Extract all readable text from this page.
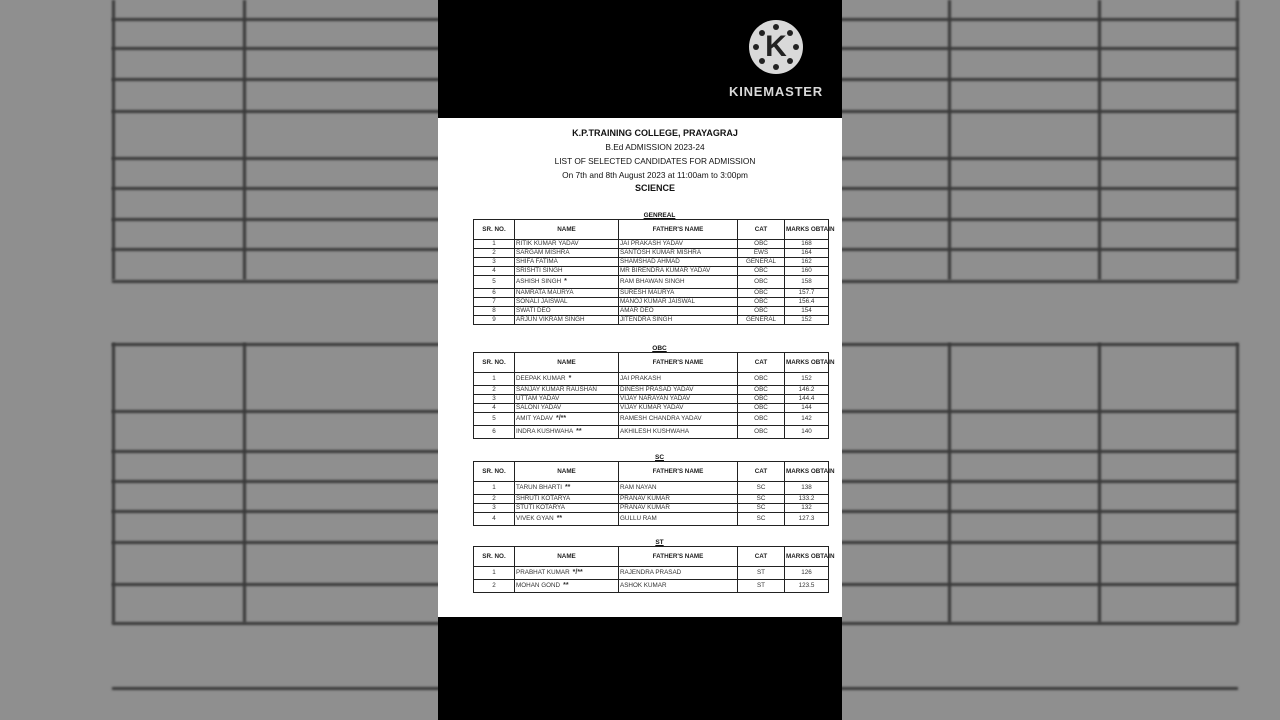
K
KINEMASTER
K.P.TRAINING COLLEGE, PRAYAGRAJ
B.Ed ADMISSION 2023-24
LIST OF SELECTED CANDIDATES FOR ADMISSION
On 7th and 8th August 2023 at 11:00am to 3:00pm
SCIENCE
GENREAL
SR. NO.	NAME	FATHER'S NAME	CAT	MARKS OBTAIN
1	RITIK KUMAR YADAV	JAI PRAKASH YADAV	OBC	168
2	SARGAM MISHRA	SANTOSH KUMAR MISHRA	EWS	164
3	SHIFA FATIMA	SHAMSHAD AHMAD	GENERAL	162
4	SRISHTI SINGH	MR BIRENDRA KUMAR YADAV	OBC	160
5	ASHISH SINGH *	RAM BHAWAN SINGH	OBC	158
6	NAMRATA MAURYA	SURESH MAURYA	OBC	157.7
7	SONALI JAISWAL	MANOJ KUMAR JAISWAL	OBC	156.4
8	SWATI DEO	AMAR DEO	OBC	154
9	ARJUN VIKRAM SINGH	JITENDRA SINGH	GENERAL	152
OBC
SR. NO.	NAME	FATHER'S NAME	CAT	MARKS OBTAIN
1	DEEPAK KUMAR *	JAI PRAKASH	OBC	152
2	SANJAY KUMAR RAUSHAN	DINESH PRASAD YADAV	OBC	146.2
3	UTTAM YADAV	VIJAY NARAYAN YADAV	OBC	144.4
4	SALONI YADAV	VIJAY KUMAR YADAV	OBC	144
5	AMIT YADAV */**	RAMESH CHANDRA YADAV	OBC	142
6	INDRA KUSHWAHA **	AKHILESH KUSHWAHA	OBC	140
SC
SR. NO.	NAME	FATHER'S NAME	CAT	MARKS OBTAIN
1	TARUN BHARTI **	RAM NAYAN	SC	138
2	SHRUTI KOTARYA	PRANAV KUMAR	SC	133.2
3	STUTI KOTARYA	PRANAV KUMAR	SC	132
4	VIVEK GYAN **	GULLU RAM	SC	127.3
ST
SR. NO.	NAME	FATHER'S NAME	CAT	MARKS OBTAIN
1	PRABHAT KUMAR */**	RAJENDRA PRASAD	ST	126
2	MOHAN GOND **	ASHOK KUMAR	ST	123.5
